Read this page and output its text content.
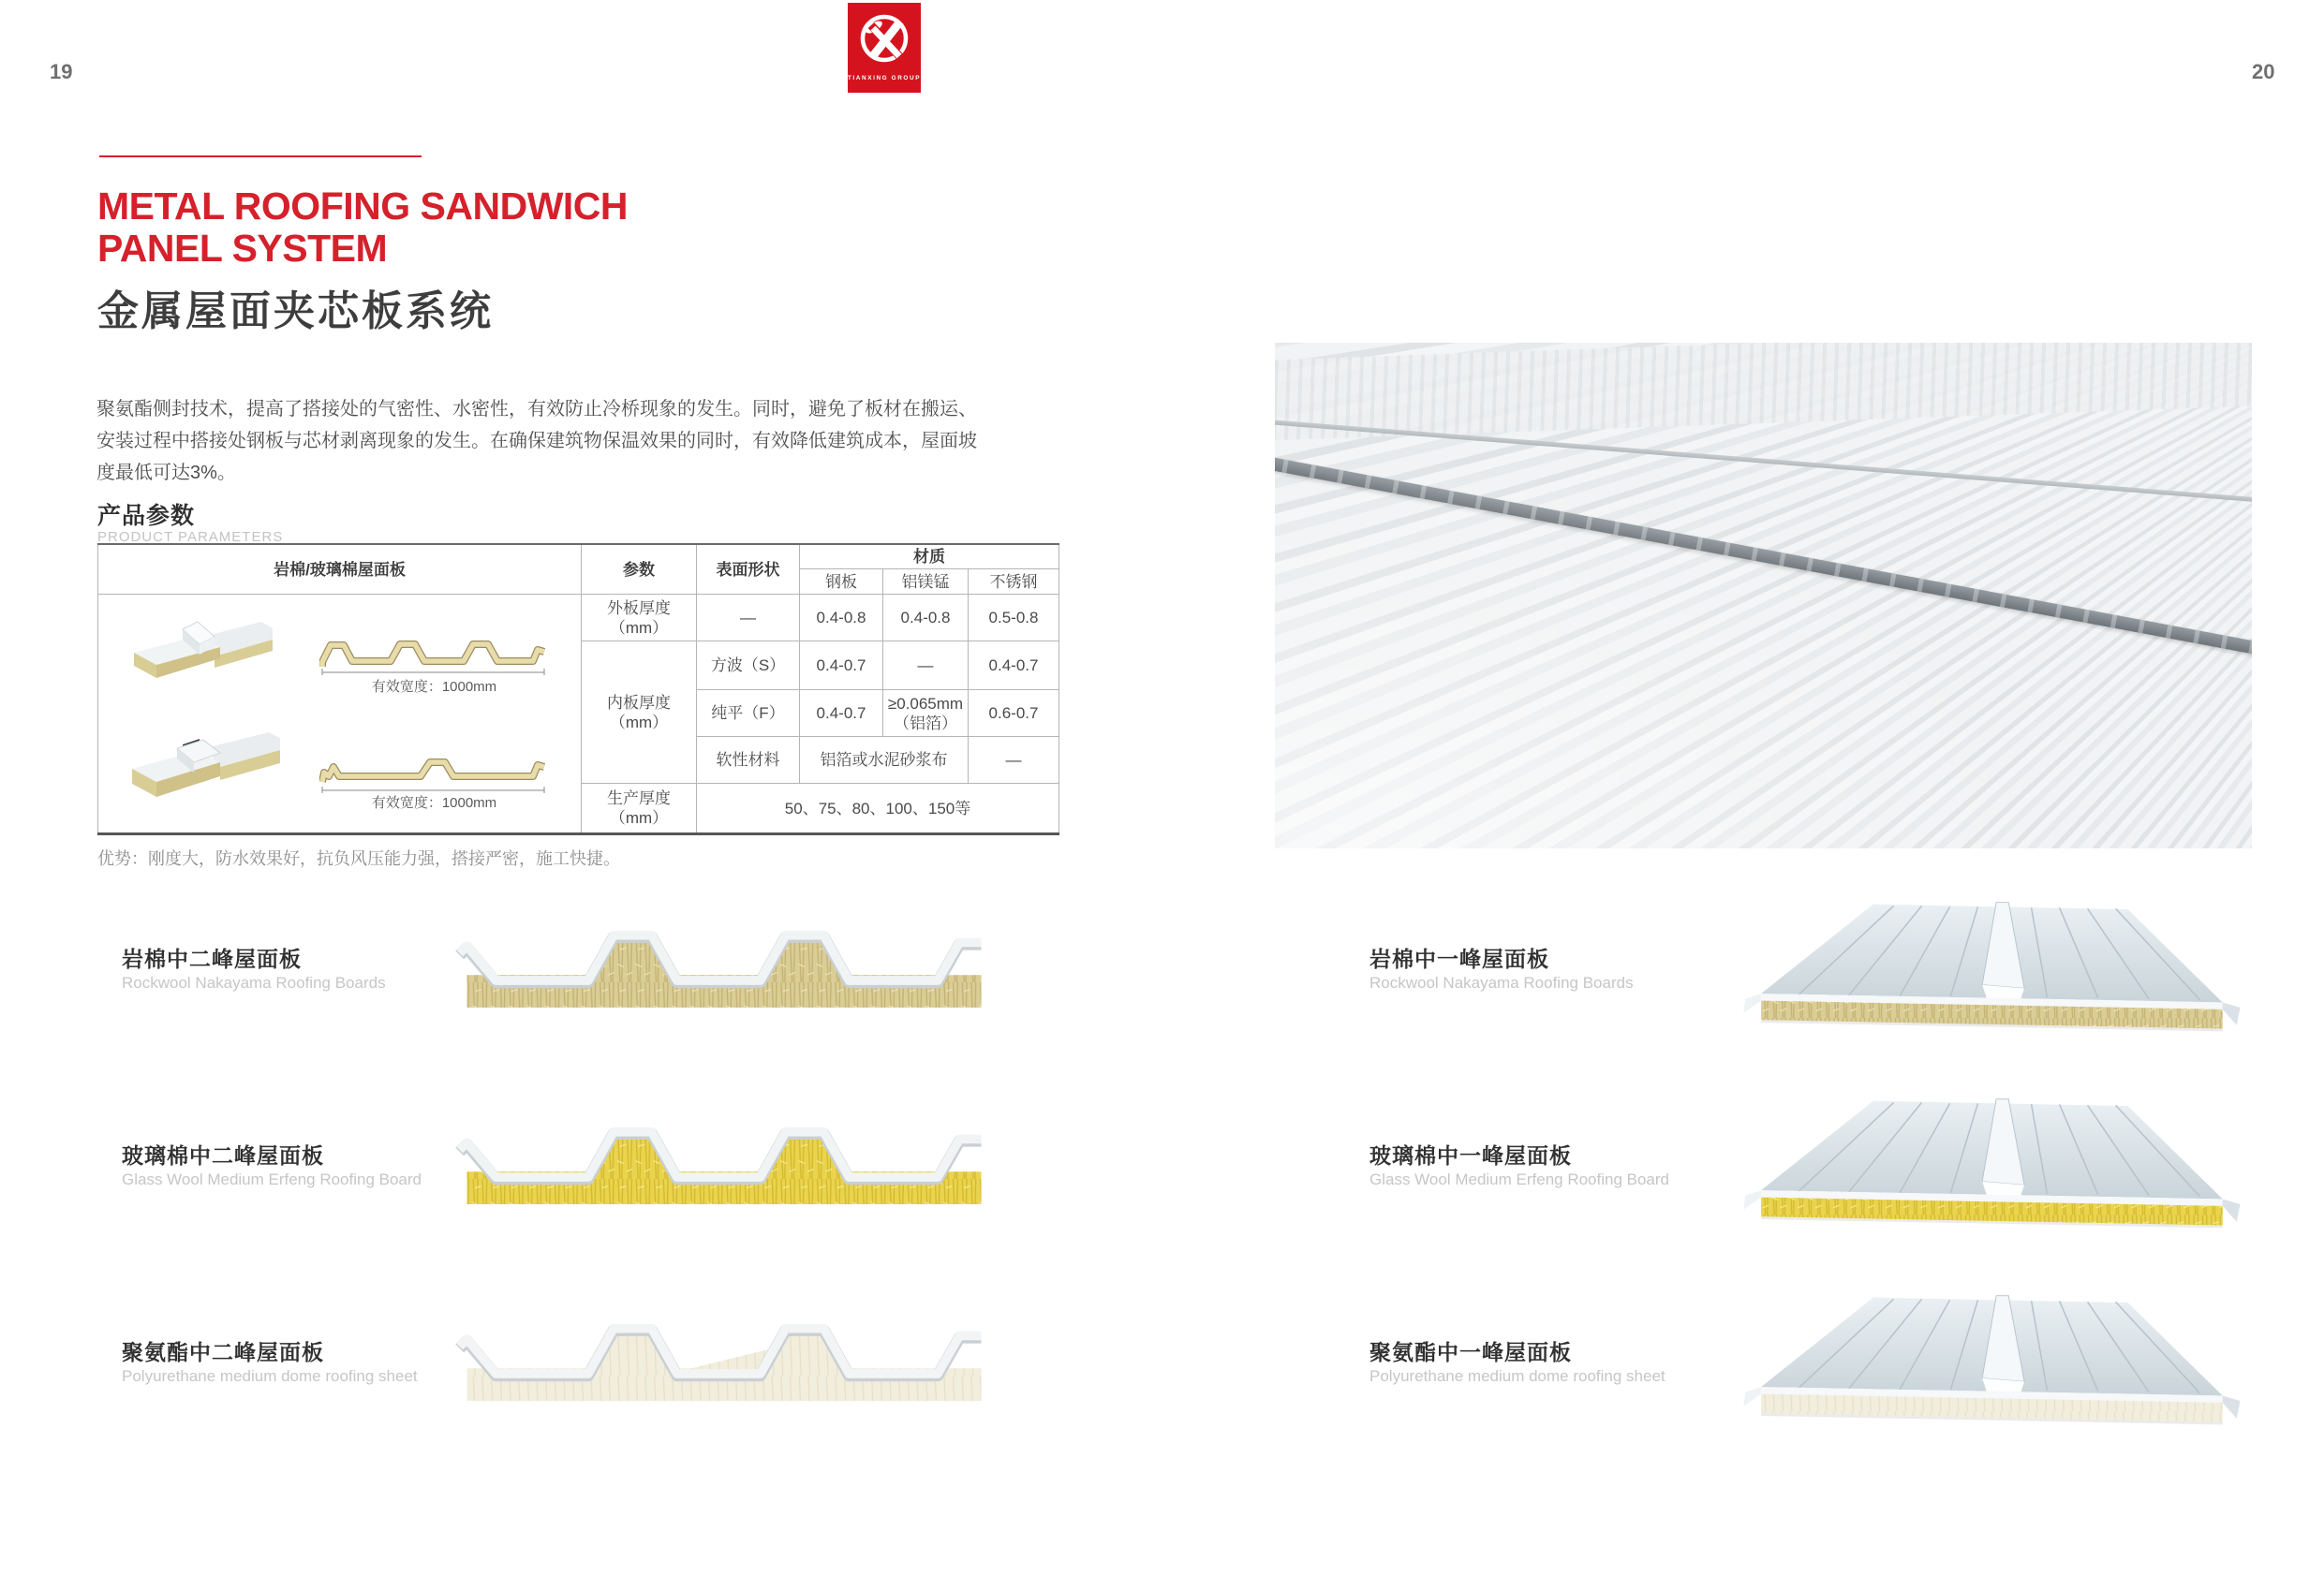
19	20
TIANXING GROUP
METAL ROOFING SANDWICH
PANEL SYSTEM
金属屋面夹芯板系统
聚氨酯侧封技术，提高了搭接处的气密性、水密性，有效防止冷桥现象的发生。同时，避免了板材在搬运、
安装过程中搭接处钢板与芯材剥离现象的发生。在确保建筑物保温效果的同时，有效降低建筑成本，屋面坡
度最低可达3%。
产品参数
PRODUCT PARAMETERS
岩棉/玻璃棉屋面板	参数	表面形状	材质		
			钢板	铝镁锰	不锈钢

有效宽度：1000mm
有效宽度：1000mm	外板厚度（mm）	—	0.4-0.8	0.4-0.8	0.5-0.8
	内板厚度（mm）	方波（S）	0.4-0.7	—	0.4-0.7
		纯平（F）	0.4-0.7	≥0.065mm（铝箔）	0.6-0.7
		软性材料	铝箔或水泥砂浆布		—
	生产厚度（mm）	50、75、80、100、150等			
优势：刚度大，防水效果好，抗负风压能力强，搭接严密，施工快捷。
岩棉中二峰屋面板
Rockwool Nakayama Roofing Boards
玻璃棉中二峰屋面板
Glass Wool Medium Erfeng Roofing Board
聚氨酯中二峰屋面板
Polyurethane medium dome roofing sheet
岩棉中一峰屋面板
Rockwool Nakayama Roofing Boards
玻璃棉中一峰屋面板
Glass Wool Medium Erfeng Roofing Board
聚氨酯中一峰屋面板
Polyurethane medium dome roofing sheet
